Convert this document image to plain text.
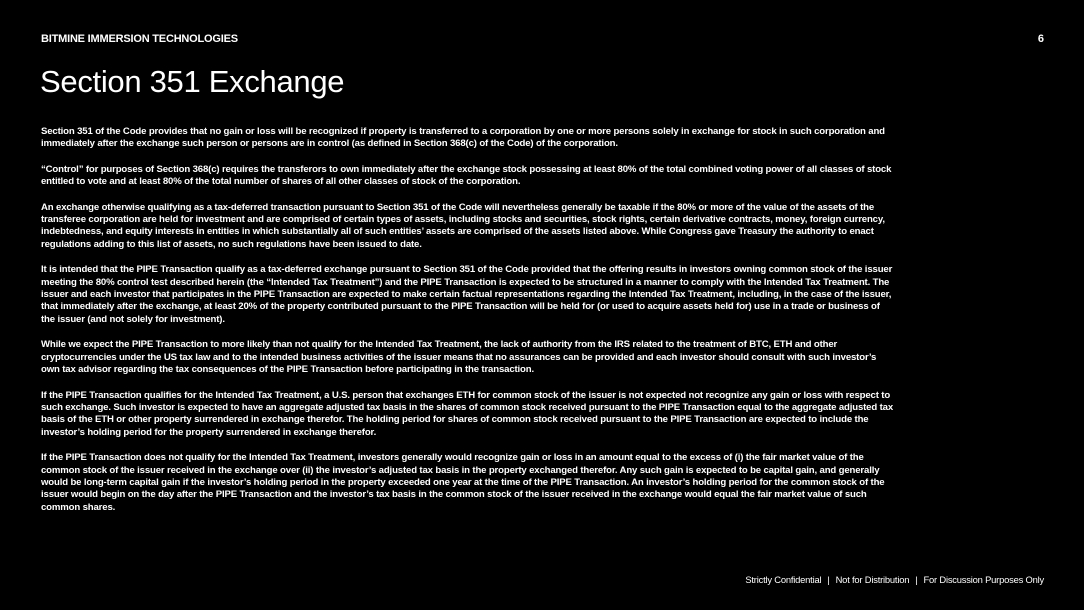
BITMINE IMMERSION TECHNOLOGIES	6
Section 351 Exchange

Section 351 of the Code provides that no gain or loss will be recognized if property is transferred to a corporation by one or more persons solely in exchange for stock in such corporation and immediately after the exchange such person or persons are in control (as defined in Section 368(c) of the Code) of the corporation.

“Control” for purposes of Section 368(c) requires the transferors to own immediately after the exchange stock possessing at least 80% of the total combined voting power of all classes of stock entitled to vote and at least 80% of the total number of shares of all other classes of stock of the corporation.

An exchange otherwise qualifying as a tax-deferred transaction pursuant to Section 351 of the Code will nevertheless generally be taxable if the 80% or more of the value of the assets of the transferee corporation are held for investment and are comprised of certain types of assets, including stocks and securities, stock rights, certain derivative contracts, money, foreign currency, indebtedness, and equity interests in entities in which substantially all of such entities’ assets are comprised of the assets listed above. While Congress gave Treasury the authority to enact regulations adding to this list of assets, no such regulations have been issued to date.

It is intended that the PIPE Transaction qualify as a tax-deferred exchange pursuant to Section 351 of the Code provided that the offering results in investors owning common stock of the issuer meeting the 80% control test described herein (the “Intended Tax Treatment”) and the PIPE Transaction is expected to be structured in a manner to comply with the Intended Tax Treatment. The issuer and each investor that participates in the PIPE Transaction are expected to make certain factual representations regarding the Intended Tax Treatment, including, in the case of the issuer, that immediately after the exchange, at least 20% of the property contributed pursuant to the PIPE Transaction will be held for (or used to acquire assets held for) use in a trade or business of the issuer (and not solely for investment).

While we expect the PIPE Transaction to more likely than not qualify for the Intended Tax Treatment, the lack of authority from the IRS related to the treatment of BTC, ETH and other cryptocurrencies under the US tax law and to the intended business activities of the issuer means that no assurances can be provided and each investor should consult with such investor’s own tax advisor regarding the tax consequences of the PIPE Transaction before participating in the transaction.

If the PIPE Transaction qualifies for the Intended Tax Treatment, a U.S. person that exchanges ETH for common stock of the issuer is not expected not recognize any gain or loss with respect to such exchange. Such investor is expected to have an aggregate adjusted tax basis in the shares of common stock received pursuant to the PIPE Transaction equal to the aggregate adjusted tax basis of the ETH or other property surrendered in exchange therefor. The holding period for shares of common stock received pursuant to the PIPE Transaction are expected to include the investor’s holding period for the property surrendered in exchange therefor.

If the PIPE Transaction does not qualify for the Intended Tax Treatment, investors generally would recognize gain or loss in an amount equal to the excess of (i) the fair market value of the common stock of the issuer received in the exchange over (ii) the investor’s adjusted tax basis in the property exchanged therefor. Any such gain is expected to be capital gain, and generally would be long-term capital gain if the investor’s holding period in the property exceeded one year at the time of the PIPE Transaction. An investor’s holding period for the common stock of the issuer would begin on the day after the PIPE Transaction and the investor’s tax basis in the common stock of the issuer received in the exchange would equal the fair market value of such common shares.

Strictly Confidential | Not for Distribution | For Discussion Purposes Only
